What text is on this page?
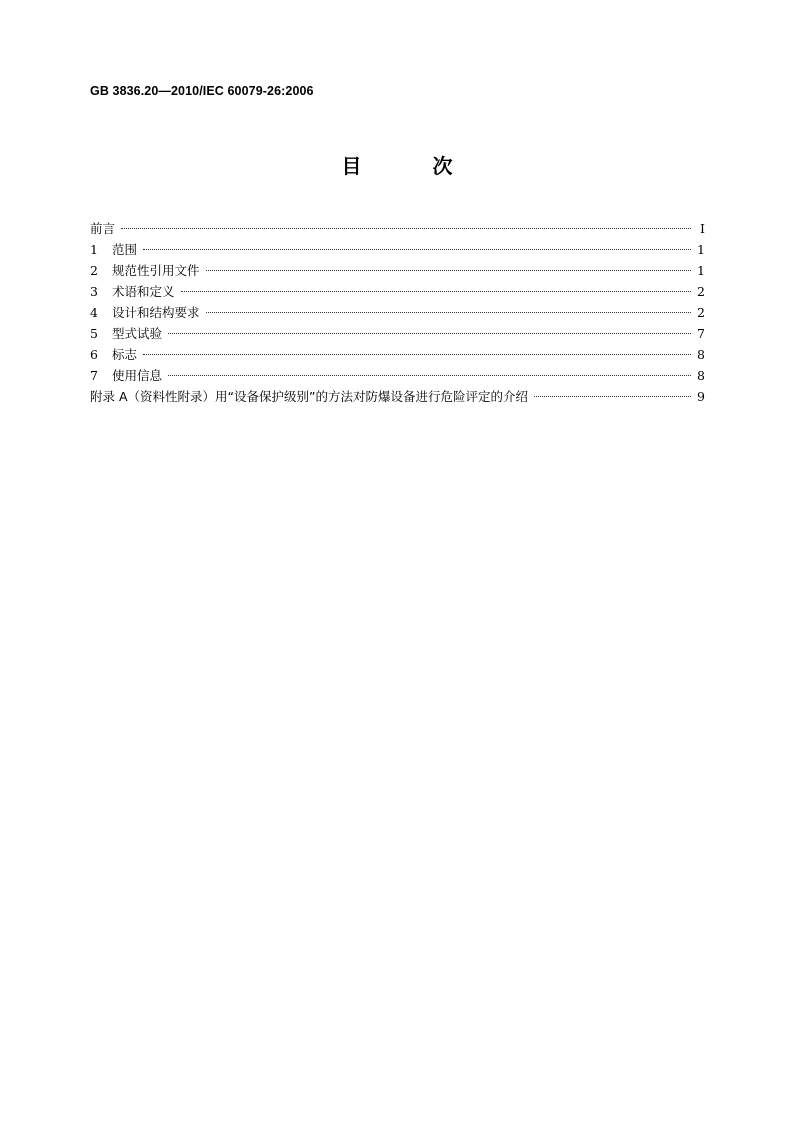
GB 3836.20—2010/IEC 60079-26:2006
目 次
前言	Ⅰ
1	范围	1
2	规范性引用文件	1
3	术语和定义	2
4	设计和结构要求	2
5	型式试验	7
6	标志	8
7	使用信息	8
附录 A（资料性附录）用“设备保护级别”的方法对防爆设备进行危险评定的介绍	9
